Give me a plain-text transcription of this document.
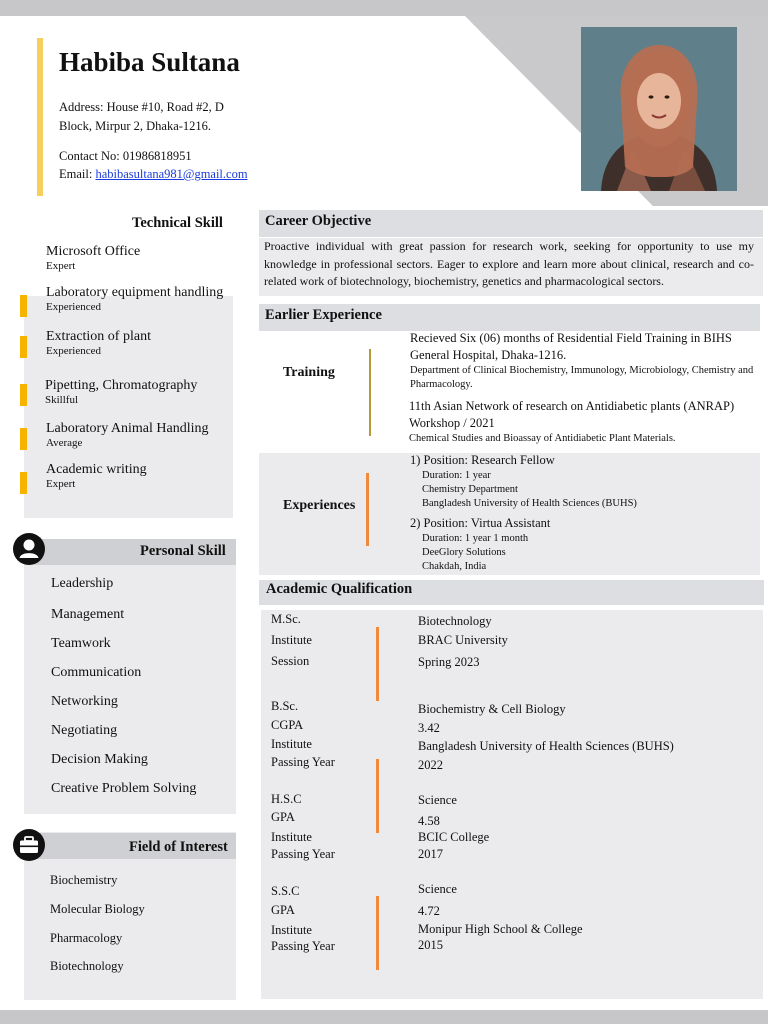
Habiba Sultana
Address: House #10, Road #2, D Block, Mirpur 2, Dhaka-1216.
Contact No: 01986818951
Email: habibasultana981@gmail.com
Technical Skill
Microsoft Office
Expert
Laboratory equipment handling
Experienced
Extraction of plant
Experienced
Pipetting, Chromatography
Skillful
Laboratory Animal Handling
Average
Academic writing
Expert
Personal Skill
Leadership
Management
Teamwork
Communication
Networking
Negotiating
Decision Making
Creative Problem Solving
Field of Interest
Biochemistry
Molecular Biology
Pharmacology
Biotechnology
Career Objective
Proactive individual with great passion for research work, seeking for opportunity to use my knowledge in professional sectors. Eager to explore and learn more about clinical, research and co-related work of biotechnology, biochemistry, genetics and pharmacological sectors.
Earlier Experience
Training
Recieved Six (06) months of Residential Field Training in BIHS General Hospital, Dhaka-1216.
Department of Clinical Biochemistry, Immunology, Microbiology, Chemistry and Pharmacology.
11th Asian Network of research on Antidiabetic plants (ANRAP) Workshop / 2021
Chemical Studies and Bioassay of Antidiabetic Plant Materials.
Experiences
1) Position: Research Fellow
Duration: 1 year
Chemistry Department
Bangladesh University of Health Sciences (BUHS)
2) Position: Virtua Assistant
Duration: 1 year 1 month
DeeGlory Solutions
Chakdah, India
Academic Qualification
M.Sc.	Biotechnology
Institute	BRAC University
Session	Spring 2023
B.Sc.	Biochemistry & Cell Biology
CGPA	3.42
Institute	Bangladesh University of Health Sciences (BUHS)
Passing Year	2022
H.S.C	Science
GPA	4.58
Institute	BCIC College
Passing Year	2017
S.S.C	Science
GPA	4.72
Institute	Monipur High School & College
Passing Year	2015
